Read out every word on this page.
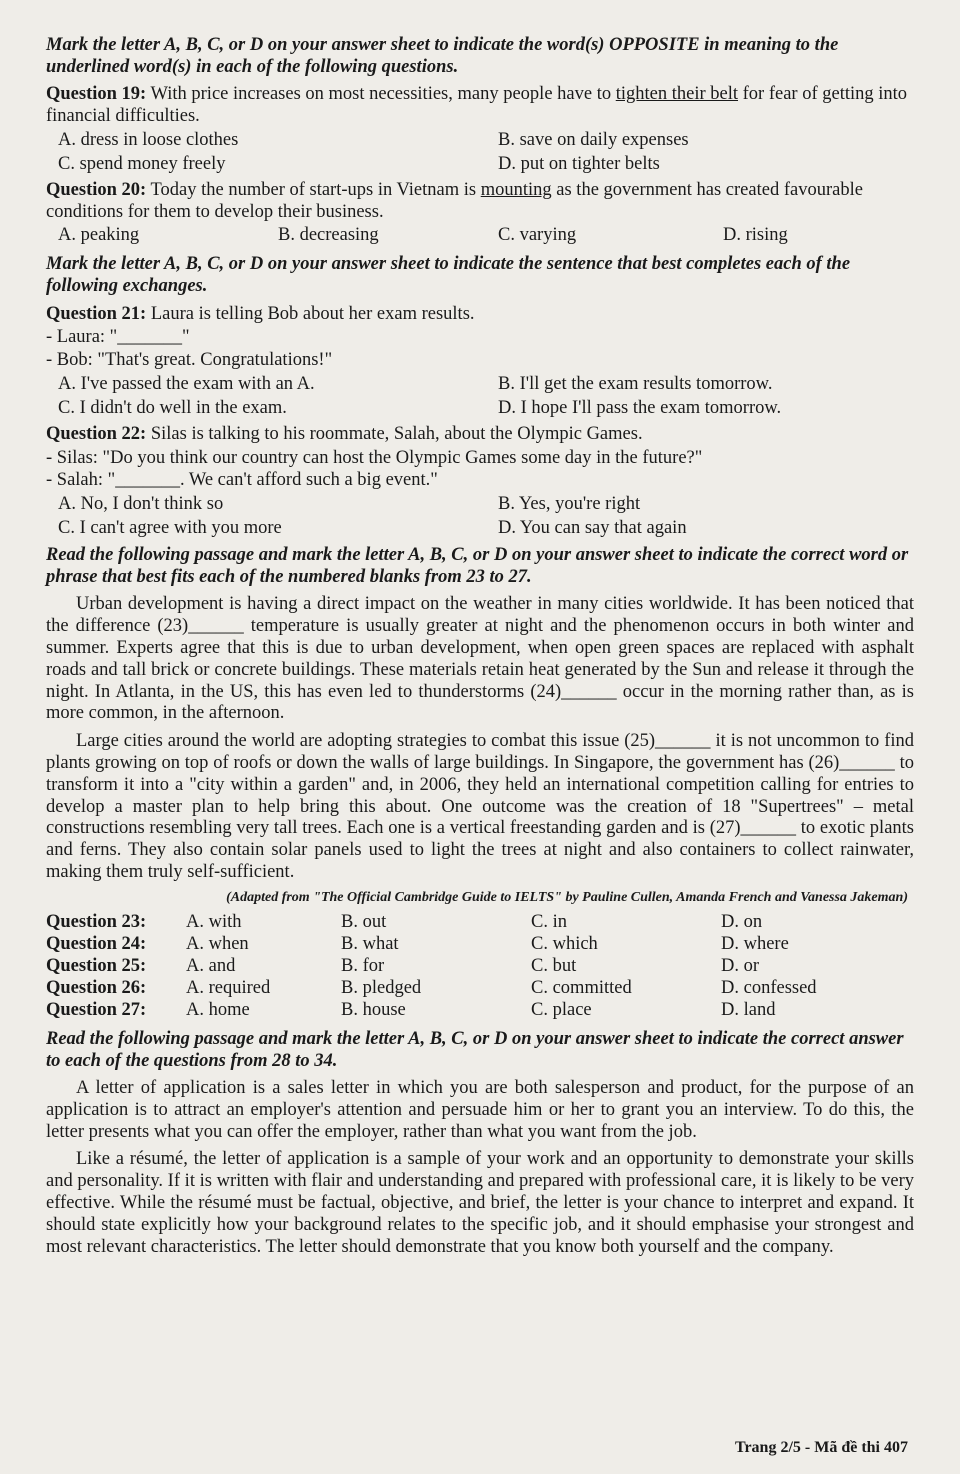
Mark the letter A, B, C, or D on your answer sheet to indicate the word(s) OPPOSITE in meaning to the underlined word(s) in each of the following questions.
Question 19: With price increases on most necessities, many people have to tighten their belt for fear of getting into financial difficulties.
A. dress in loose clothes	B. save on daily expenses
C. spend money freely	D. put on tighter belts
Question 20: Today the number of start-ups in Vietnam is mounting as the government has created favourable conditions for them to develop their business.
A. peaking	B. decreasing	C. varying	D. rising
Mark the letter A, B, C, or D on your answer sheet to indicate the sentence that best completes each of the following exchanges.
Question 21: Laura is telling Bob about her exam results.
- Laura: "_______"
- Bob: "That's great. Congratulations!"
A. I've passed the exam with an A.	B. I'll get the exam results tomorrow.
C. I didn't do well in the exam.	D. I hope I'll pass the exam tomorrow.
Question 22: Silas is talking to his roommate, Salah, about the Olympic Games.
- Silas: "Do you think our country can host the Olympic Games some day in the future?"
- Salah: "_______. We can't afford such a big event."
A. No, I don't think so	B. Yes, you're right
C. I can't agree with you more	D. You can say that again
Read the following passage and mark the letter A, B, C, or D on your answer sheet to indicate the correct word or phrase that best fits each of the numbered blanks from 23 to 27.
Urban development is having a direct impact on the weather in many cities worldwide. It has been noticed that the difference (23)______ temperature is usually greater at night and the phenomenon occurs in both winter and summer. Experts agree that this is due to urban development, when open green spaces are replaced with asphalt roads and tall brick or concrete buildings. These materials retain heat generated by the Sun and release it through the night. In Atlanta, in the US, this has even led to thunderstorms (24)______ occur in the morning rather than, as is more common, in the afternoon.
Large cities around the world are adopting strategies to combat this issue (25)______ it is not uncommon to find plants growing on top of roofs or down the walls of large buildings. In Singapore, the government has (26)______ to transform it into a "city within a garden" and, in 2006, they held an international competition calling for entries to develop a master plan to help bring this about. One outcome was the creation of 18 "Supertrees" – metal constructions resembling very tall trees. Each one is a vertical freestanding garden and is (27)______ to exotic plants and ferns. They also contain solar panels used to light the trees at night and also containers to collect rainwater, making them truly self-sufficient.
(Adapted from "The Official Cambridge Guide to IELTS" by Pauline Cullen, Amanda French and Vanessa Jakeman)
Question 23:	A. with	B. out	C. in	D. on
Question 24:	A. when	B. what	C. which	D. where
Question 25:	A. and	B. for	C. but	D. or
Question 26:	A. required	B. pledged	C. committed	D. confessed
Question 27:	A. home	B. house	C. place	D. land
Read the following passage and mark the letter A, B, C, or D on your answer sheet to indicate the correct answer to each of the questions from 28 to 34.
A letter of application is a sales letter in which you are both salesperson and product, for the purpose of an application is to attract an employer's attention and persuade him or her to grant you an interview. To do this, the letter presents what you can offer the employer, rather than what you want from the job.
Like a résumé, the letter of application is a sample of your work and an opportunity to demonstrate your skills and personality. If it is written with flair and understanding and prepared with professional care, it is likely to be very effective. While the résumé must be factual, objective, and brief, the letter is your chance to interpret and expand. It should state explicitly how your background relates to the specific job, and it should emphasise your strongest and most relevant characteristics. The letter should demonstrate that you know both yourself and the company.
Trang 2/5 - Mã đề thi 407
